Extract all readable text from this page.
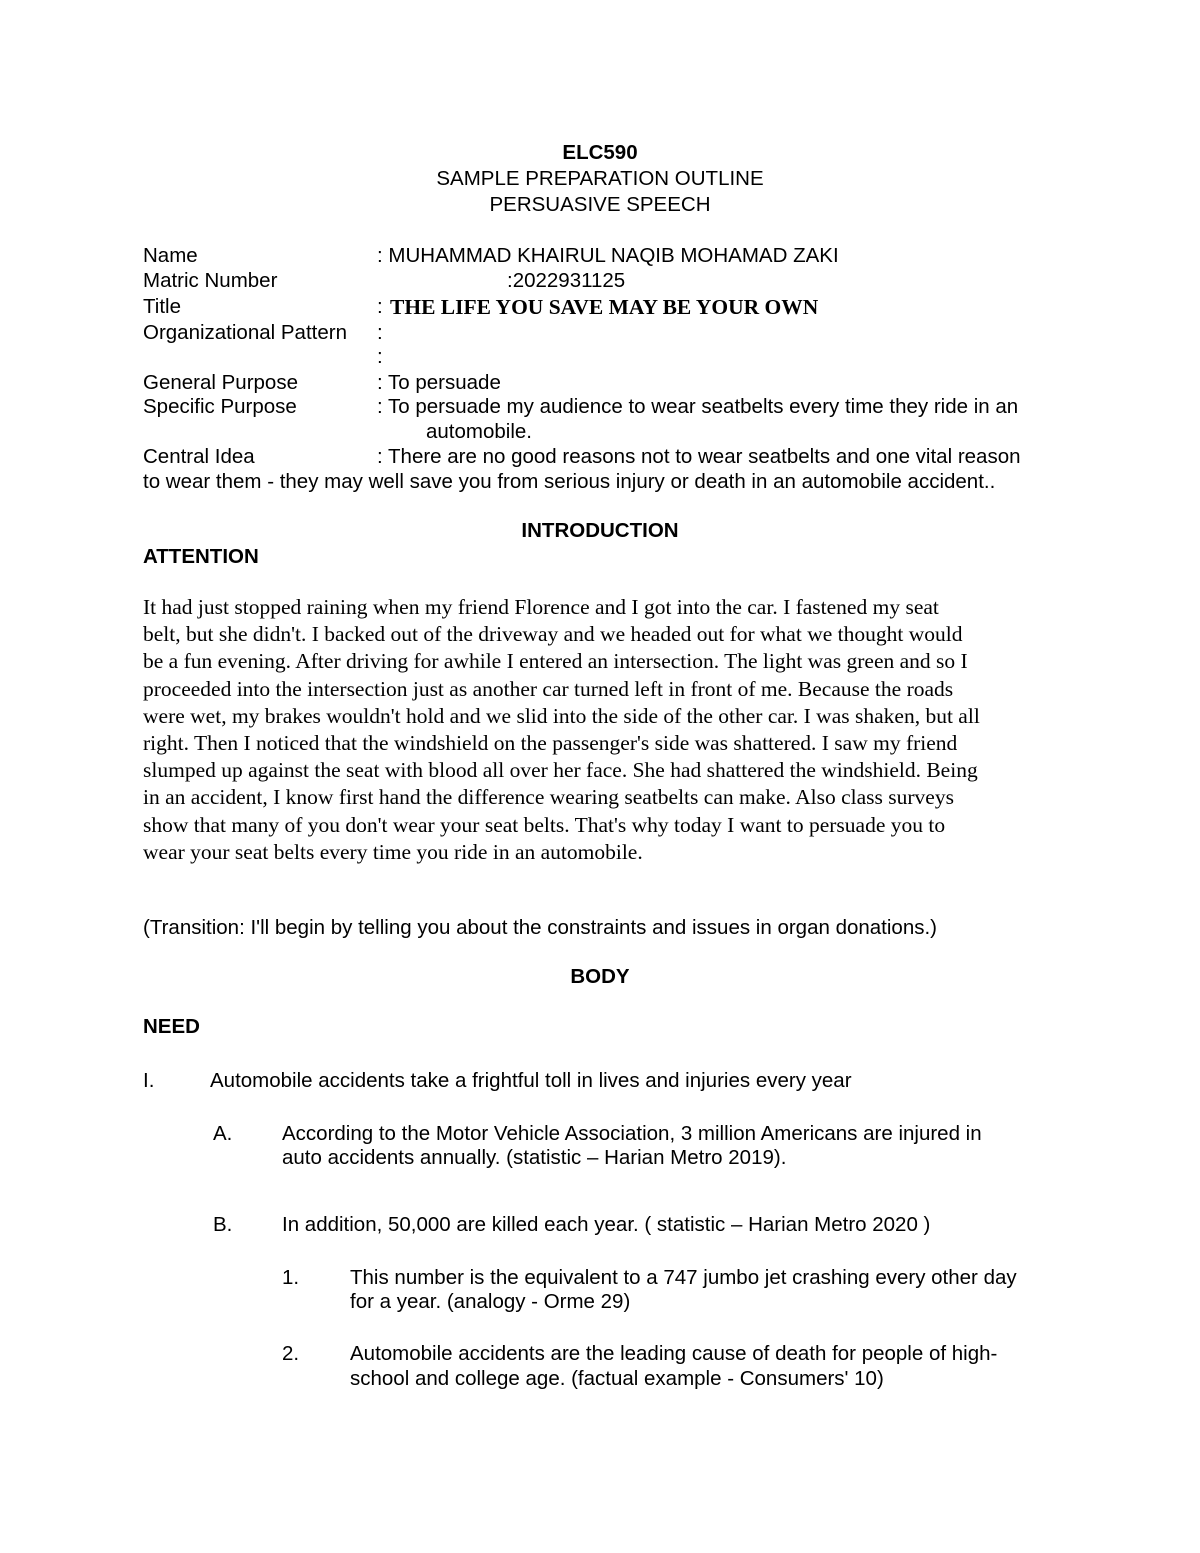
ELC590
SAMPLE PREPARATION OUTLINE
PERSUASIVE SPEECH
Name	: MUHAMMAD KHAIRUL NAQIB MOHAMAD ZAKI
Matric Number	:2022931125
Title	: THE LIFE YOU SAVE MAY BE YOUR OWN
Organizational Pattern :
:
General Purpose	: To persuade
Specific Purpose	: To persuade my audience to wear seatbelts every time they ride in an
automobile.
Central Idea	: There are no good reasons not to wear seatbelts and one vital reason
to wear them - they may well save you from serious injury or death in an automobile accident..
INTRODUCTION
ATTENTION
It had just stopped raining when my friend Florence and I got into the car. I fastened my seat
belt, but she didn't. I backed out of the driveway and we headed out for what we thought would
be a fun evening. After driving for awhile I entered an intersection. The light was green and so I
proceeded into the intersection just as another car turned left in front of me. Because the roads
were wet, my brakes wouldn't hold and we slid into the side of the other car. I was shaken, but all
right. Then I noticed that the windshield on the passenger's side was shattered. I saw my friend
slumped up against the seat with blood all over her face. She had shattered the windshield. Being
in an accident, I know first hand the difference wearing seatbelts can make. Also class surveys
show that many of you don't wear your seat belts. That's why today I want to persuade you to
wear your seat belts every time you ride in an automobile.
(Transition: I'll begin by telling you about the constraints and issues in organ donations.)
BODY
NEED
I.	Automobile accidents take a frightful toll in lives and injuries every year
A. According to the Motor Vehicle Association, 3 million Americans are injured in
auto accidents annually. (statistic – Harian Metro 2019).
B. In addition, 50,000 are killed each year. ( statistic – Harian Metro 2020 )
1. This number is the equivalent to a 747 jumbo jet crashing every other day
for a year. (analogy - Orme 29)
2. Automobile accidents are the leading cause of death for people of high-
school and college age. (factual example - Consumers' 10)
